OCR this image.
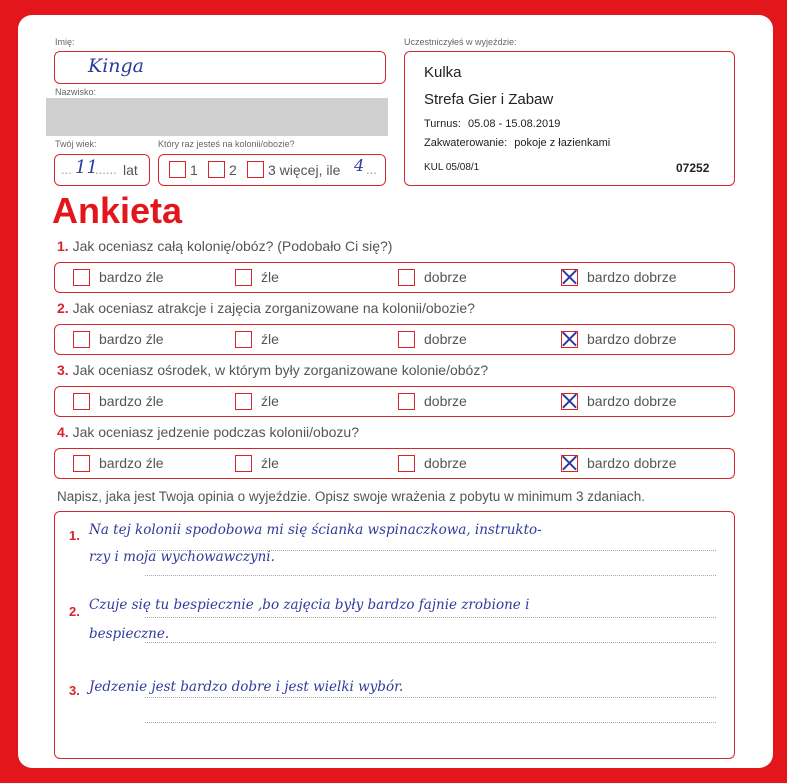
Imię:
Kinga
Nazwisko:
Twój wiek:
... 11
...... lat
Który raz jesteś na kolonii/obozie?
1 2 3 więcej, ile 4 ...
Uczestniczyłeś w wyjeździe:
Kulka
Strefa Gier i Zabaw
Turnus: 05.08 - 15.08.2019
Zakwaterowanie: pokoje z łazienkami
KUL 05/08/1	07252
Ankieta
1. Jak oceniasz całą kolonię/obóz? (Podobało Ci się?)
bardzo źle	źle	dobrze	bardzo dobrze
2. Jak oceniasz atrakcje i zajęcia zorganizowane na kolonii/obozie?
bardzo źle	źle	dobrze	bardzo dobrze
3. Jak oceniasz ośrodek, w którym były zorganizowane kolonie/obóz?
bardzo źle	źle	dobrze	bardzo dobrze
4. Jak oceniasz jedzenie podczas kolonii/obozu?
bardzo źle	źle	dobrze	bardzo dobrze
Napisz, jaka jest Twoja opinia o wyjeździe. Opisz swoje wrażenia z pobytu w minimum 3 zdaniach.
1. Na tej kolonii spodobowa mi się ścianka wspinaczkowa, instrukto-
rzy i moja wychowawczyni.
2. Czuje się tu bespiecznie ,bo zajęcia były bardzo fajnie zrobione i
bespieczne.
3. Jedzenie jest bardzo dobre i jest wielki wybór.
